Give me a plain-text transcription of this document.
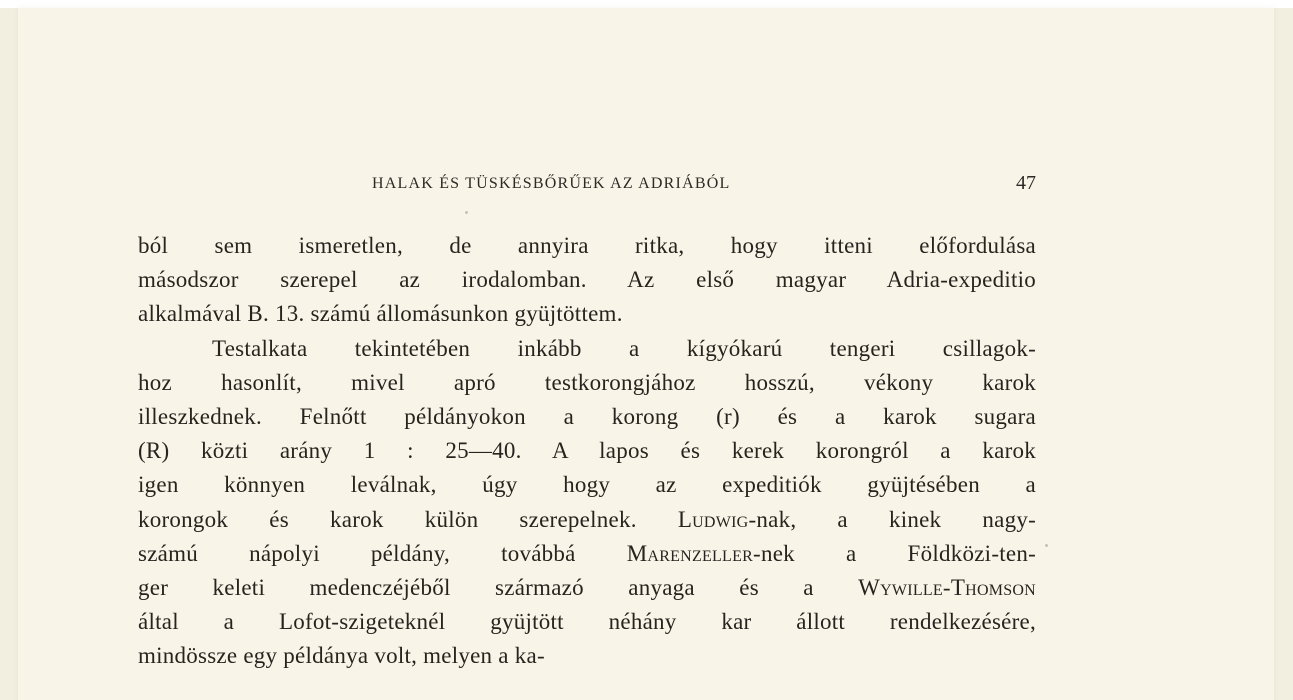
HALAK ÉS TÜSKÉSBŐRŰEK AZ ADRIÁBÓL	47
ból sem ismeretlen, de annyira ritka, hogy itteni előfordulása
másodszor szerepel az irodalomban. Az első magyar Adria-expeditio
alkalmával B. 13. számú állomásunkon gyüjtöttem.
Testalkata tekintetében inkább a kígyókarú tengeri csillagok-
hoz hasonlít, mivel apró testkorongjához hosszú, vékony karok
illeszkednek. Felnőtt példányokon a korong (r) és a karok sugara
(R) közti arány 1 : 25—40. A lapos és kerek korongról a karok
igen könnyen leválnak, úgy hogy az expeditiók gyüjtésében a
korongok és karok külön szerepelnek. Ludwig-nak, a kinek nagy-
számú nápolyi példány, továbbá Marenzeller-nek a Földközi-ten-
ger keleti medenczéjéből származó anyaga és a Wywille-Thomson
által a Lofot-szigeteknél gyüjtött néhány kar állott rendelkezésére,
mindössze egy példánya volt, melyen a ka-
